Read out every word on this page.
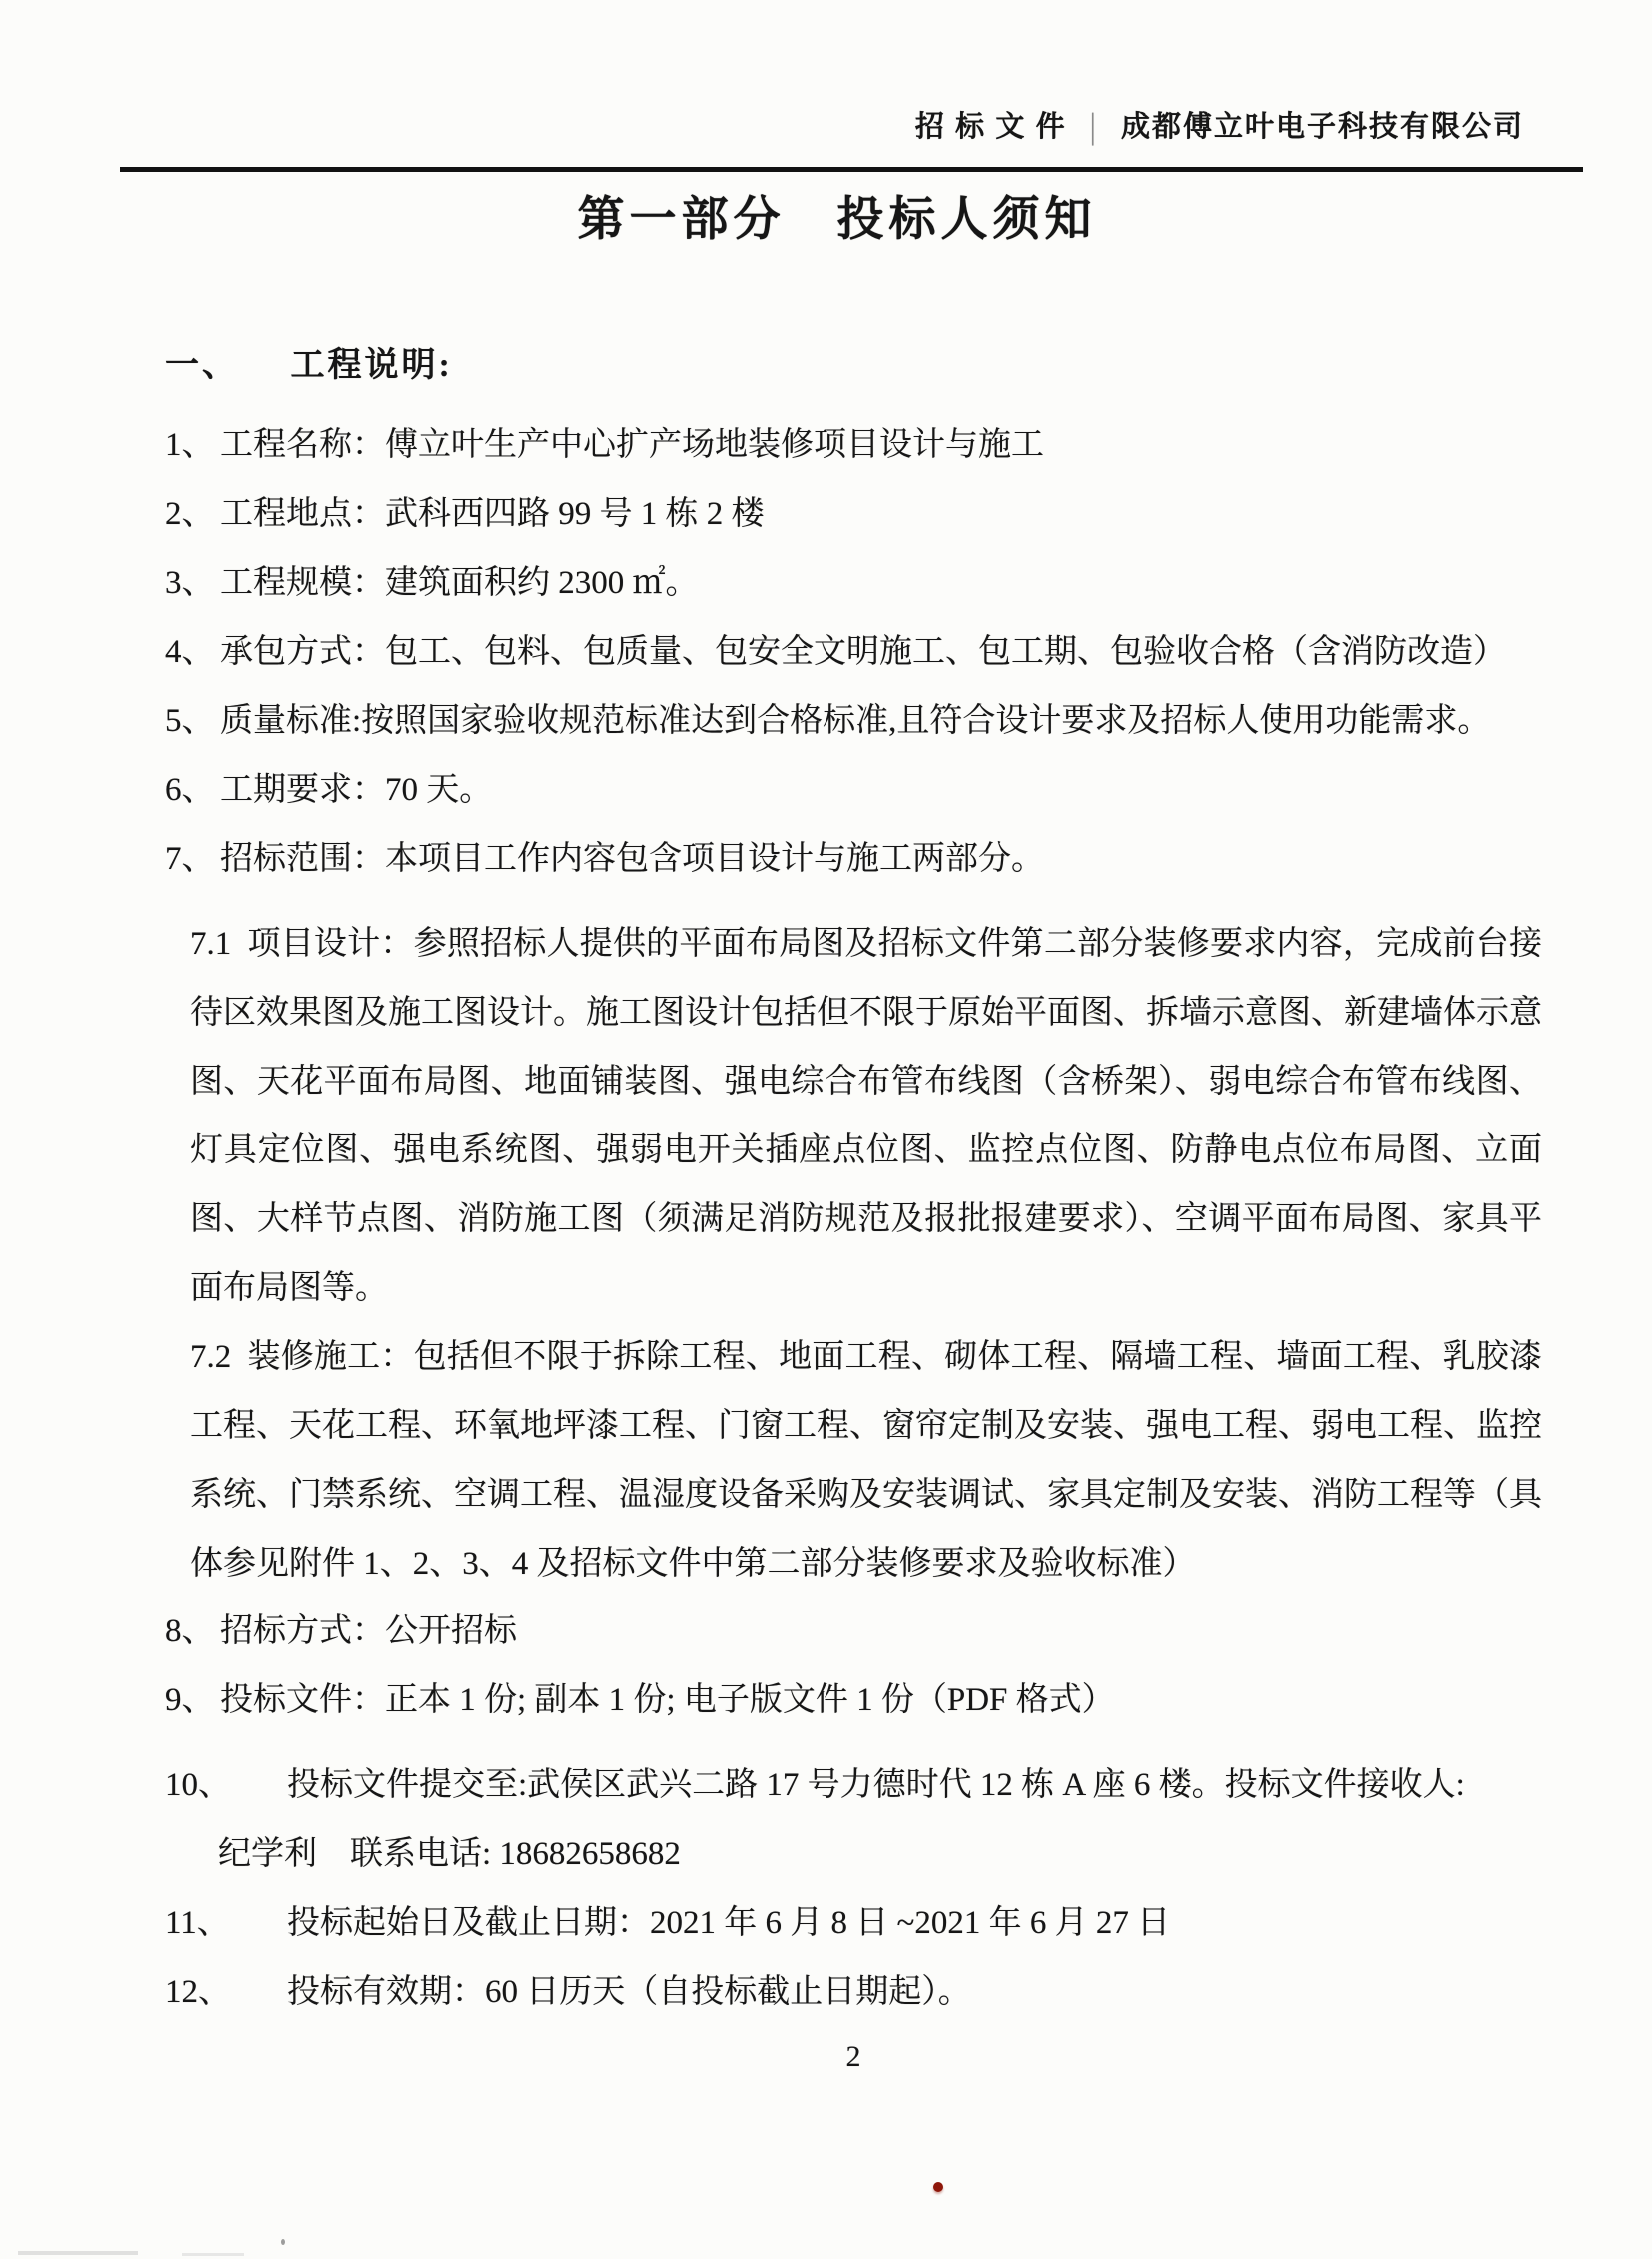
招 标 文 件 | 成都傅立叶电子科技有限公司
第一部分　投标人须知
一、 工程说明:
1、 工程名称：傅立叶生产中心扩产场地装修项目设计与施工
2、 工程地点：武科西四路 99 号 1 栋 2 楼
3、 工程规模：建筑面积约 2300 ㎡。
4、 承包方式：包工、包料、包质量、包安全文明施工、包工期、包验收合格（含消防改造）
5、 质量标准:按照国家验收规范标准达到合格标准,且符合设计要求及招标人使用功能需求。
6、 工期要求：70 天。
7、 招标范围：本项目工作内容包含项目设计与施工两部分。
7.1 项目设计：参照招标人提供的平面布局图及招标文件第二部分装修要求内容，完成前台接待区效果图及施工图设计。施工图设计包括但不限于原始平面图、拆墙示意图、新建墙体示意图、天花平面布局图、地面铺装图、强电综合布管布线图（含桥架）、弱电综合布管布线图、灯具定位图、强电系统图、强弱电开关插座点位图、监控点位图、防静电点位布局图、立面图、大样节点图、消防施工图（须满足消防规范及报批报建要求）、空调平面布局图、家具平面布局图等。
7.2 装修施工：包括但不限于拆除工程、地面工程、砌体工程、隔墙工程、墙面工程、乳胶漆工程、天花工程、环氧地坪漆工程、门窗工程、窗帘定制及安装、强电工程、弱电工程、监控系统、门禁系统、空调工程、温湿度设备采购及安装调试、家具定制及安装、消防工程等（具体参见附件 1、2、3、4 及招标文件中第二部分装修要求及验收标准）
8、 招标方式：公开招标
9、 投标文件：正本 1 份; 副本 1 份; 电子版文件 1 份（PDF 格式）
10、 投标文件提交至:武侯区武兴二路 17 号力德时代 12 栋 A 座 6 楼。投标文件接收人:
纪学利　联系电话: 18682658682
11、 投标起始日及截止日期：2021 年 6 月 8 日 ~2021 年 6 月 27 日
12、 投标有效期：60 日历天（自投标截止日期起）。
2
